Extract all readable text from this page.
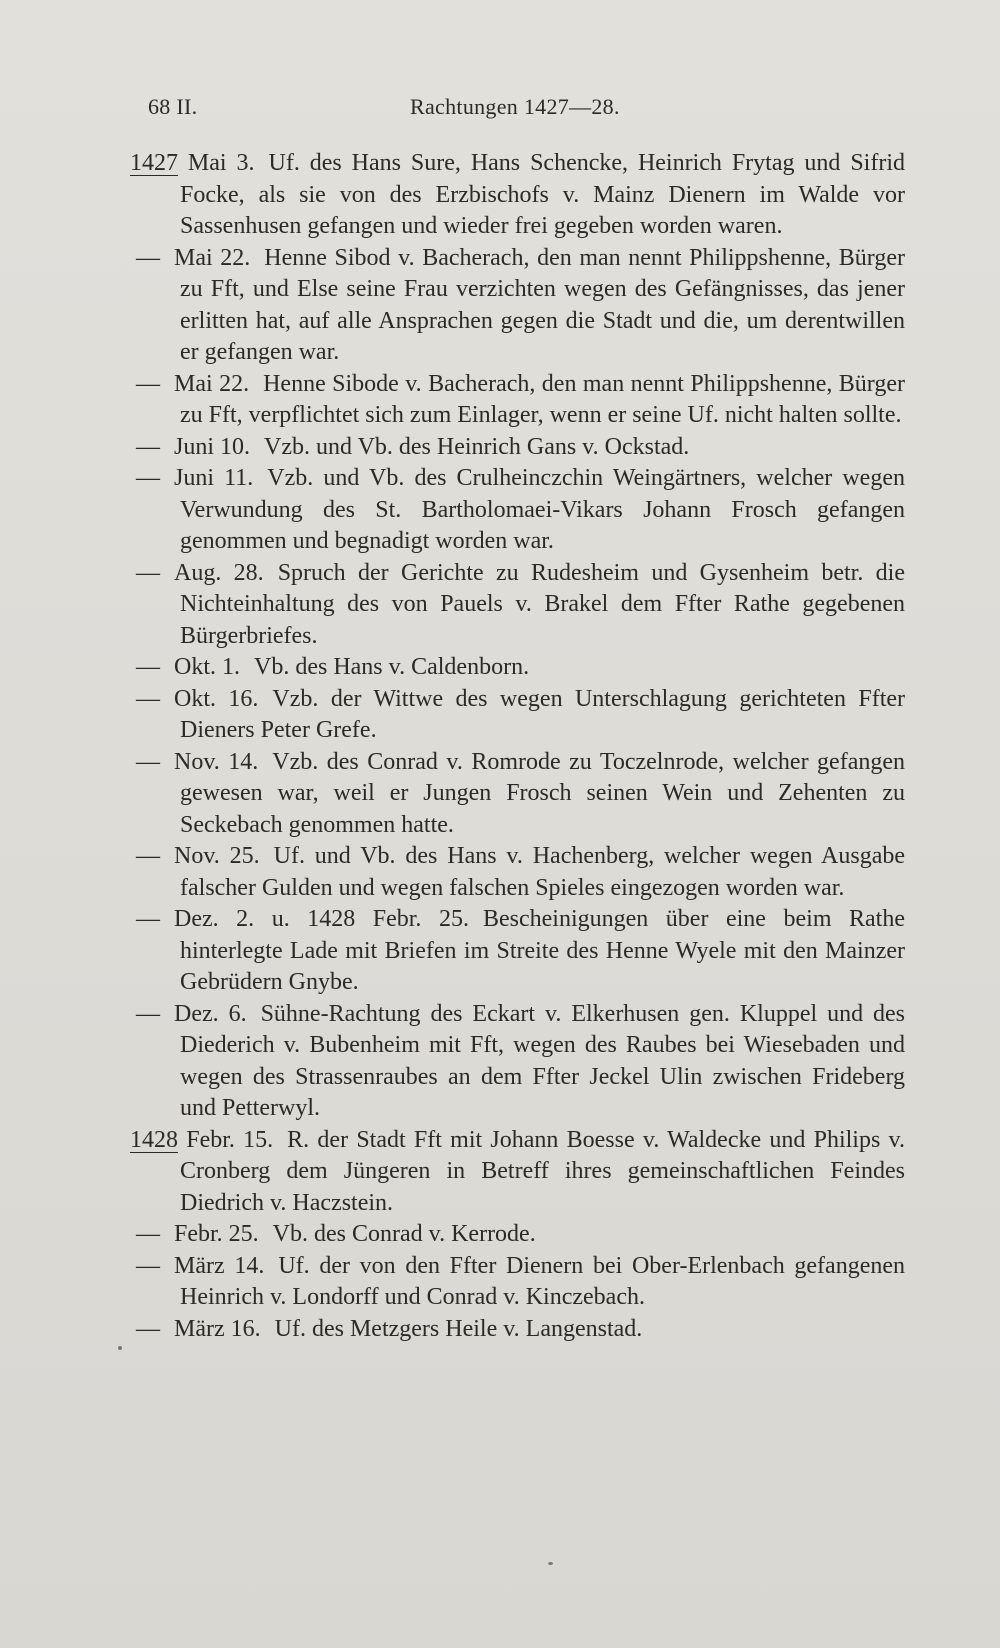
68 II.	Rachtungen 1427—28.

1427 Mai 3. Uf. des Hans Sure, Hans Schencke, Heinrich Frytag und Sifrid Focke, als sie von des Erzbischofs v. Mainz Dienern im Walde vor Sassenhusen gefangen und wieder frei gegeben worden waren.

— Mai 22. Henne Sibod v. Bacherach, den man nennt Philippshenne, Bürger zu Fft, und Else seine Frau verzichten wegen des Gefängnisses, das jener erlitten hat, auf alle Ansprachen gegen die Stadt und die, um derentwillen er gefangen war.

— Mai 22. Henne Sibode v. Bacherach, den man nennt Philippshenne, Bürger zu Fft, verpflichtet sich zum Einlager, wenn er seine Uf. nicht halten sollte.

— Juni 10. Vzb. und Vb. des Heinrich Gans v. Ockstad.

— Juni 11. Vzb. und Vb. des Crulheinczchin Weingärtners, welcher wegen Verwundung des St. Bartholomaei-Vikars Johann Frosch gefangen genommen und begnadigt worden war.

— Aug. 28. Spruch der Gerichte zu Rudesheim und Gysenheim betr. die Nichteinhaltung des von Pauels v. Brakel dem Ffter Rathe gegebenen Bürgerbriefes.

— Okt. 1. Vb. des Hans v. Caldenborn.

— Okt. 16. Vzb. der Wittwe des wegen Unterschlagung gerichteten Ffter Dieners Peter Grefe.

— Nov. 14. Vzb. des Conrad v. Romrode zu Toczelnrode, welcher gefangen gewesen war, weil er Jungen Frosch seinen Wein und Zehenten zu Seckebach genommen hatte.

— Nov. 25. Uf. und Vb. des Hans v. Hachenberg, welcher wegen Ausgabe falscher Gulden und wegen falschen Spieles eingezogen worden war.

— Dez. 2. u. 1428 Febr. 25. Bescheinigungen über eine beim Rathe hinterlegte Lade mit Briefen im Streite des Henne Wyele mit den Mainzer Gebrüdern Gnybe.

— Dez. 6. Sühne-Rachtung des Eckart v. Elkerhusen gen. Kluppel und des Diederich v. Bubenheim mit Fft, wegen des Raubes bei Wiesebaden und wegen des Strassenraubes an dem Ffter Jeckel Ulin zwischen Frideberg und Petterwyl.

1428 Febr. 15. R. der Stadt Fft mit Johann Boesse v. Waldecke und Philips v. Cronberg dem Jüngeren in Betreff ihres gemeinschaftlichen Feindes Diedrich v. Haczstein.

— Febr. 25. Vb. des Conrad v. Kerrode.

— März 14. Uf. der von den Ffter Dienern bei Ober-Erlenbach gefangenen Heinrich v. Londorff und Conrad v. Kinczebach.

— März 16. Uf. des Metzgers Heile v. Langenstad.
